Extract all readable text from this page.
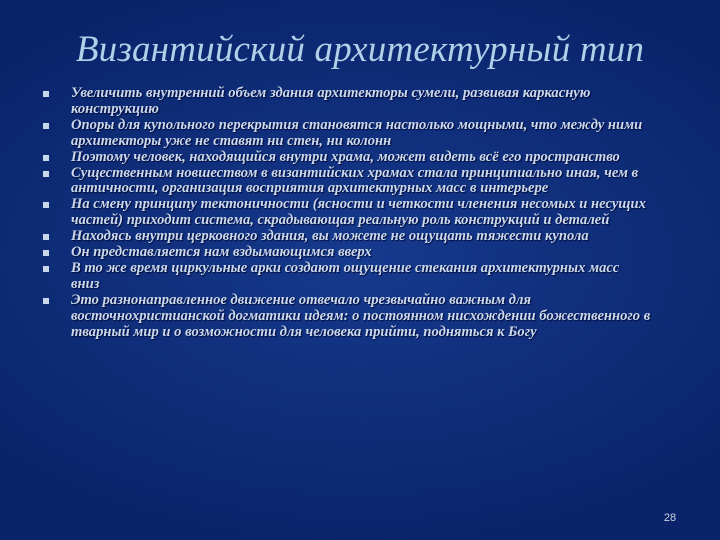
Византийский архитектурный тип
Увеличить внутренний объем здания архитекторы сумели, развивая каркасную
конструкцию
Опоры для купольного перекрытия становятся настолько мощными, что между ними
архитекторы уже не ставят ни стен, ни колонн
Поэтому человек, находящийся внутри храма, может видеть всё его пространство
Существенным новшеством в византийских храмах стала принципиально иная, чем в
античности, организация восприятия архитектурных масс в интерьере
На смену принципу тектоничности (ясности и четкости членения несомых и несущих
частей) приходит система, скрадывающая реальную роль конструкций и деталей
Находясь внутри церковного здания, вы можете не ощущать тяжести купола
Он представляется нам вздымающимся вверх
В то же время циркульные арки создают ощущение стекания архитектурных масс
вниз
Это разнонаправленное движение отвечало чрезвычайно важным для
восточнохристианской догматики идеям: о постоянном нисхождении божественного в
тварный мир и о возможности для человека прийти, подняться к Богу
28
